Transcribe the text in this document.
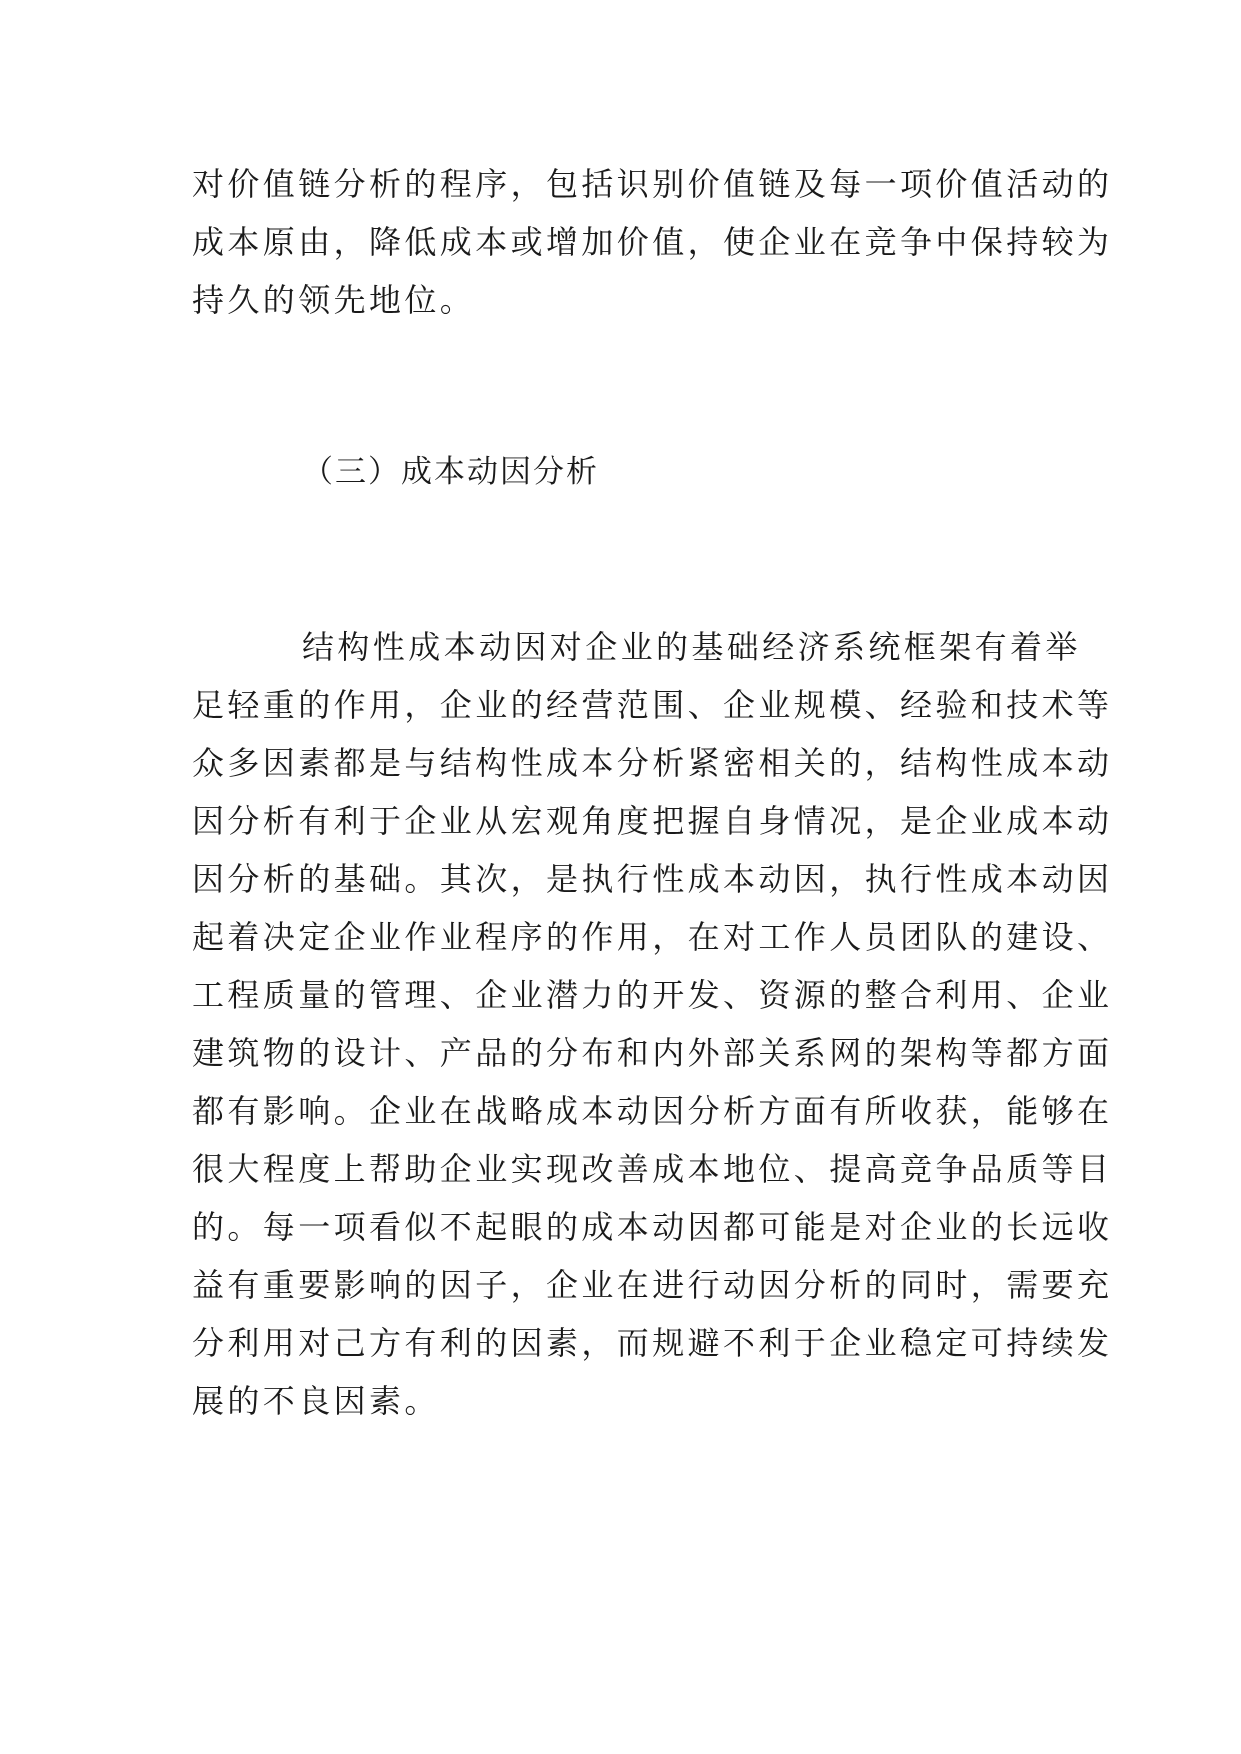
对价值链分析的程序，包括识别价值链及每一项价值活动的
成本原由，降低成本或增加价值，使企业在竞争中保持较为
持久的领先地位。
（三）成本动因分析
结构性成本动因对企业的基础经济系统框架有着举
足轻重的作用，企业的经营范围、企业规模、经验和技术等
众多因素都是与结构性成本分析紧密相关的，结构性成本动
因分析有利于企业从宏观角度把握自身情况，是企业成本动
因分析的基础。其次，是执行性成本动因，执行性成本动因
起着决定企业作业程序的作用，在对工作人员团队的建设、
工程质量的管理、企业潜力的开发、资源的整合利用、企业
建筑物的设计、产品的分布和内外部关系网的架构等都方面
都有影响。企业在战略成本动因分析方面有所收获，能够在
很大程度上帮助企业实现改善成本地位、提高竞争品质等目
的。每一项看似不起眼的成本动因都可能是对企业的长远收
益有重要影响的因子，企业在进行动因分析的同时，需要充
分利用对己方有利的因素，而规避不利于企业稳定可持续发
展的不良因素。
